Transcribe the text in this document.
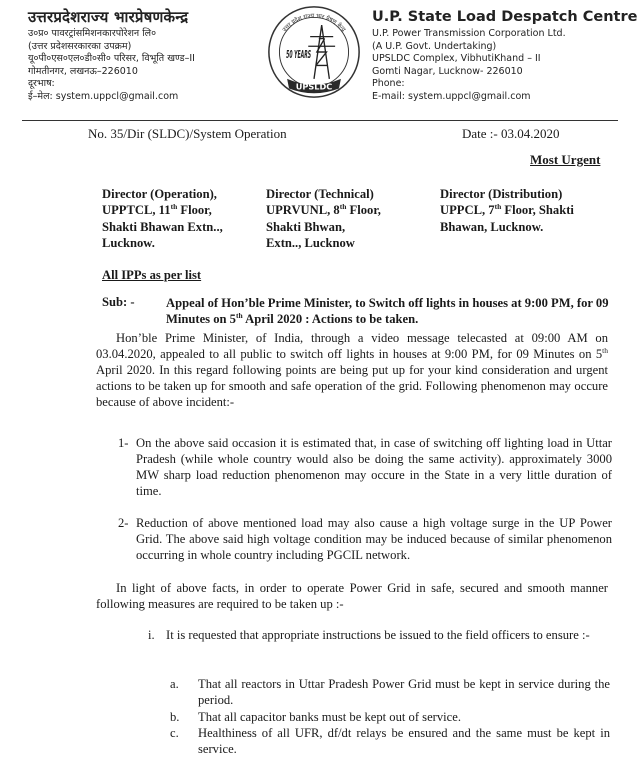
उत्तरप्रदेशराज्य भारप्रेषणकेन्द्र
उ०प्र० पावरट्रांसमिशनकारपोरेशन लि०
(उत्तर प्रदेशसरकारका उपक्रम)
यू०पी०एस०एल०डी०सी० परिसर, विभूति खण्ड–II
गोमतीनगर, लखनऊ–226010
दूरभाष:
ई–मेल: system.uppcl@gmail.com
उत्तर प्रदेश राज्य भार प्रेषण केन्द्र
50 YEARS
UPSLDC
U.P. State Load Despatch Centre
U.P. Power Transmission Corporation Ltd.
(A U.P. Govt. Undertaking)
UPSLDC Complex, VibhutiKhand – II
Gomti Nagar, Lucknow- 226010
Phone:
E-mail: system.uppcl@gmail.com
No. 35/Dir (SLDC)/System Operation	Date :- 03.04.2020
Most Urgent
Director (Operation),
UPPTCL, 11th Floor,
Shakti Bhawan Extn..,
Lucknow.
Director (Technical)
UPRVUNL, 8th Floor,
Shakti Bhwan,
Extn.., Lucknow
Director (Distribution)
UPPCL, 7th Floor, Shakti
Bhawan, Lucknow.
All IPPs as per list
Sub: - Appeal of Hon’ble Prime Minister, to Switch off lights in houses at 9:00 PM, for 09 Minutes on 5th April 2020 : Actions to be taken.
Hon’ble Prime Minister, of India, through a video message telecasted at 09:00 AM on 03.04.2020, appealed to all public to switch off lights in houses at 9:00 PM, for 09 Minutes on 5th April 2020. In this regard following points are being put up for your kind consideration and urgent actions to be taken up for smooth and safe operation of the grid. Following phenomenon may occure because of above incident:-
1- On the above said occasion it is estimated that, in case of switching off lighting load in Uttar Pradesh (while whole country would also be doing the same activity). approximately 3000 MW sharp load reduction phenomenon may occure in the State in a very little duration of time.
2- Reduction of above mentioned load may also cause a high voltage surge in the UP Power Grid. The above said high voltage condition may be induced because of similar phenomenon occurring in whole country including PGCIL network.
In light of above facts, in order to operate Power Grid in safe, secured and smooth manner following measures are required to be taken up :-
i. It is requested that appropriate instructions be issued to the field officers to ensure :-
a. That all reactors in Uttar Pradesh Power Grid must be kept in service during the period.
b. That all capacitor banks must be kept out of service.
c. Healthiness of all UFR, df/dt relays be ensured and the same must be kept in service.
